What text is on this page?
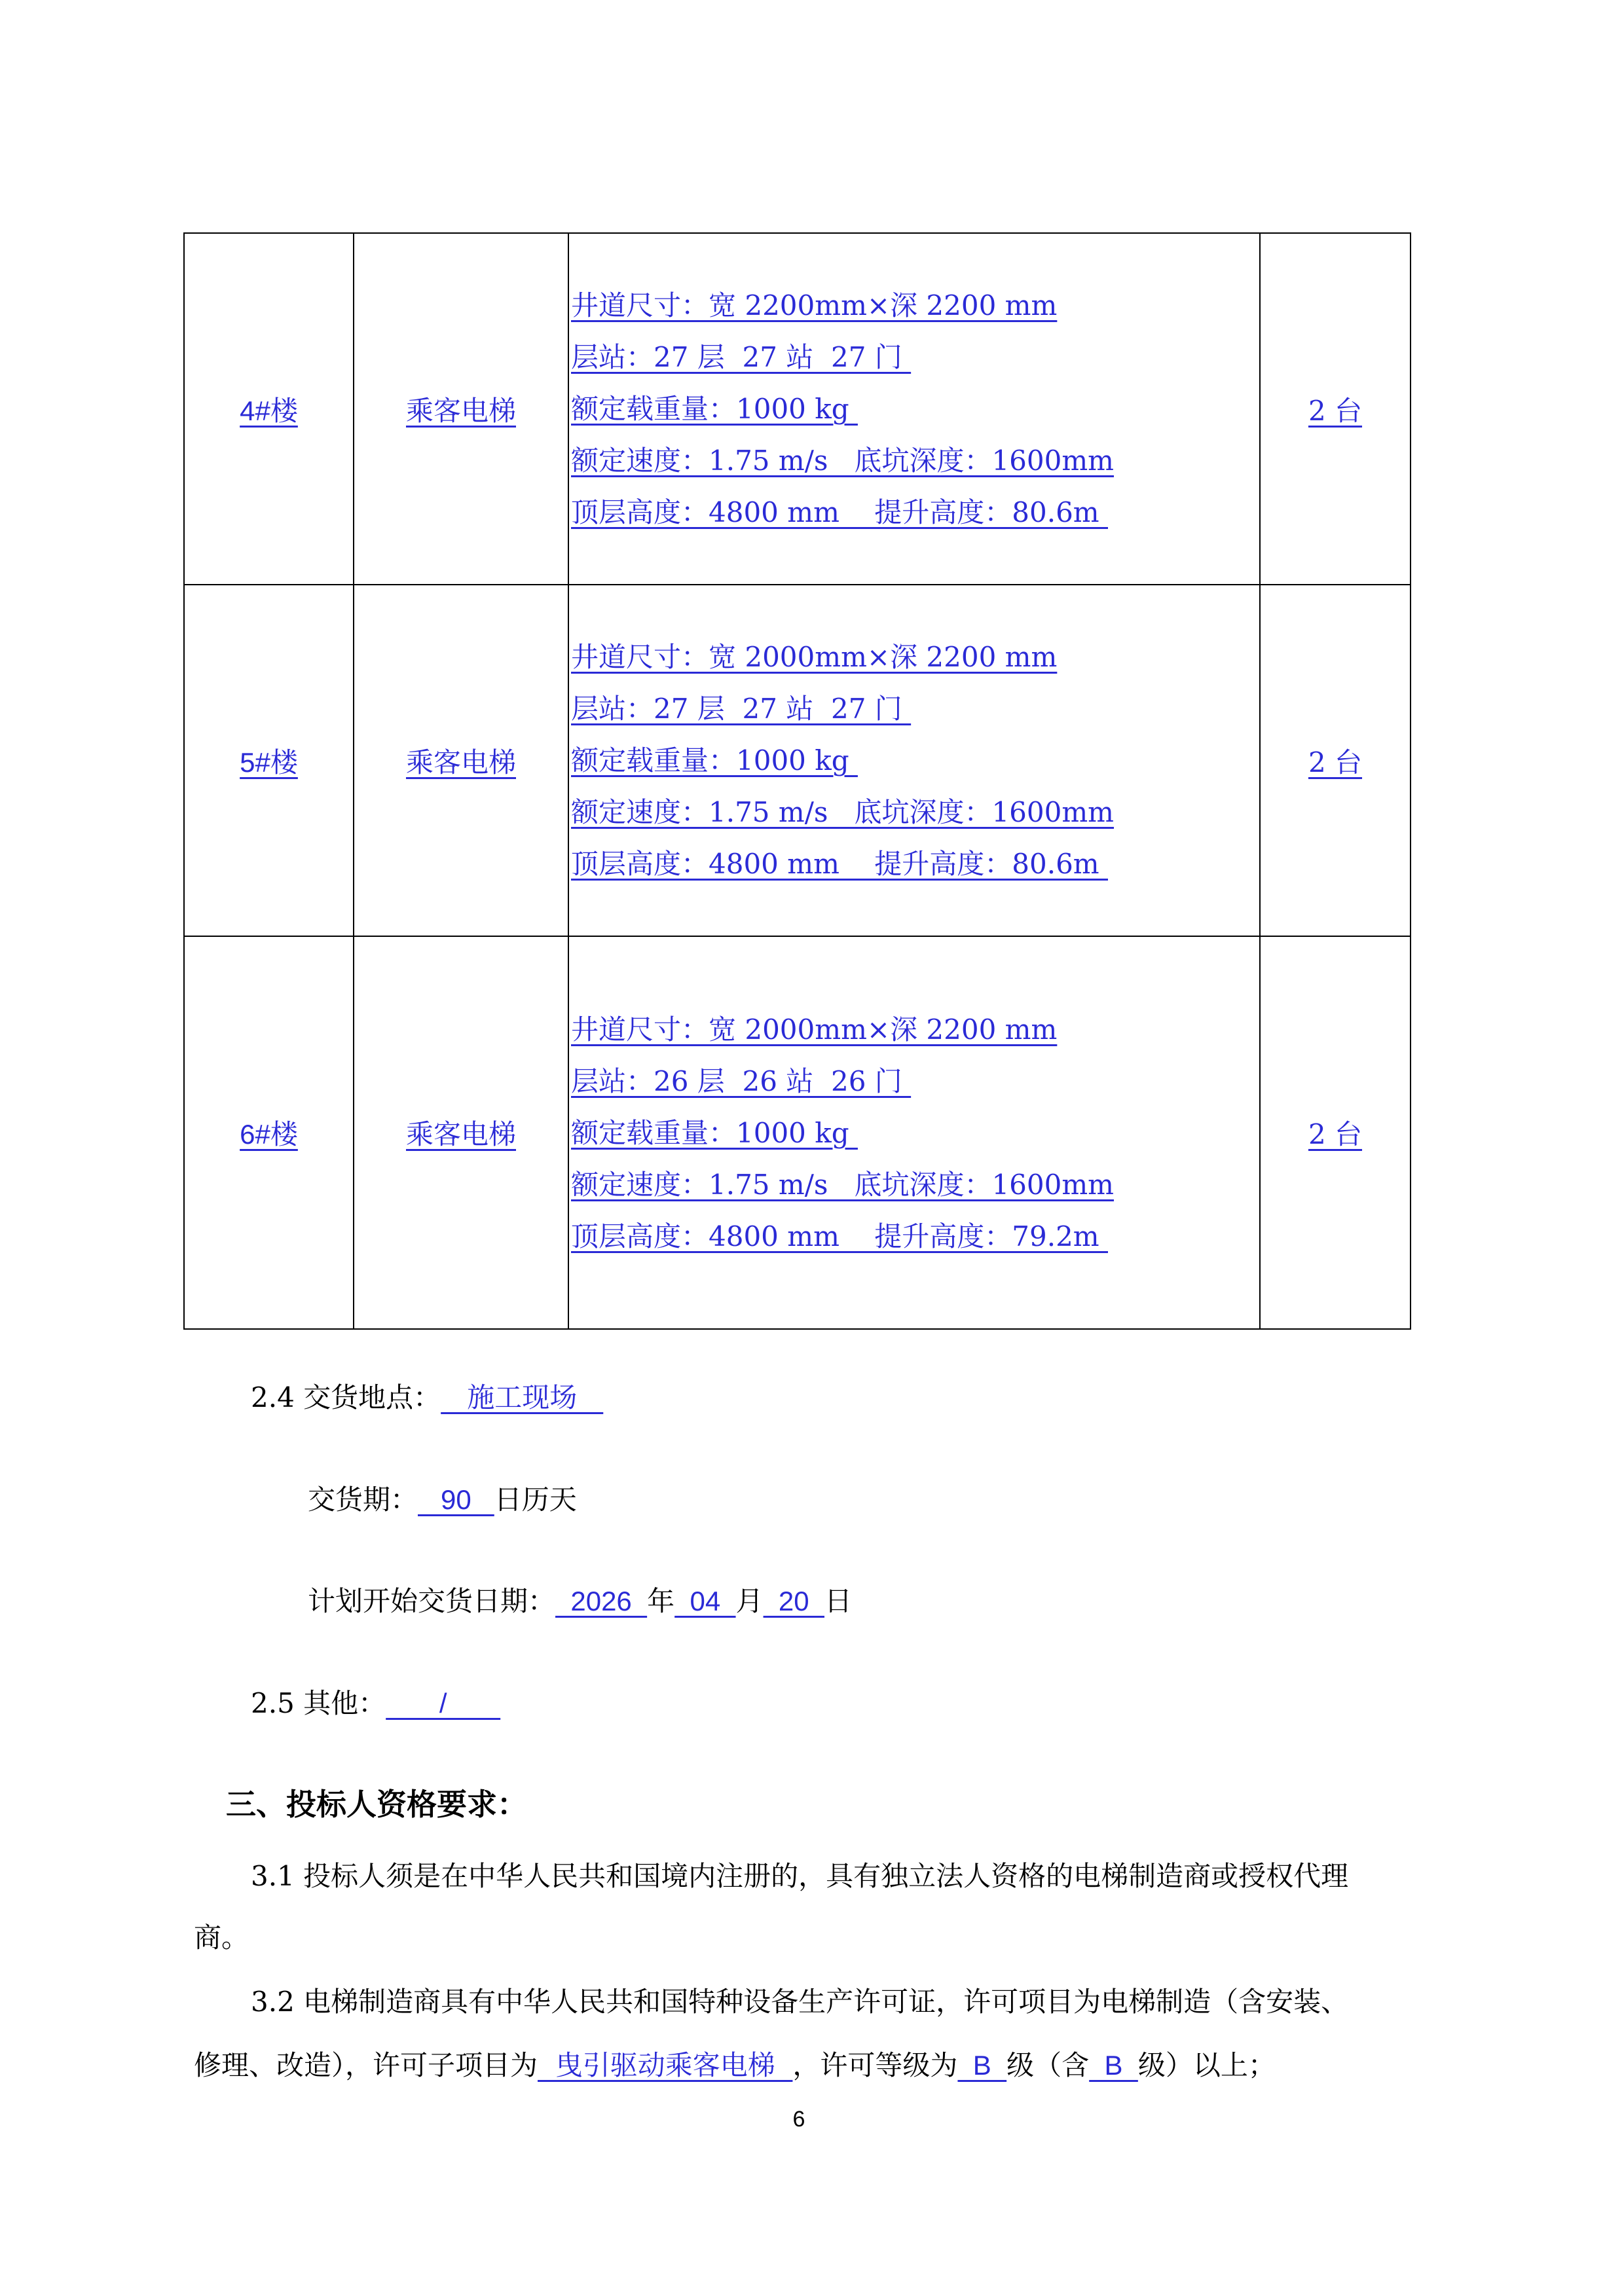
4#楼	乘客电梯	井道尺寸：宽 2200mm×深 2200 mm
层站：27 层  27 站  27 门
额定载重量：1000 kg
额定速度：1.75 m/s   底坑深度：1600mm
顶层高度：4800 mm    提升高度：80.6m	2 台
5#楼	乘客电梯	井道尺寸：宽 2000mm×深 2200 mm
层站：27 层  27 站  27 门
额定载重量：1000 kg
额定速度：1.75 m/s   底坑深度：1600mm
顶层高度：4800 mm    提升高度：80.6m	2 台
6#楼	乘客电梯	井道尺寸：宽 2000mm×深 2200 mm
层站：26 层  26 站  26 门
额定载重量：1000 kg
额定速度：1.75 m/s   底坑深度：1600mm
顶层高度：4800 mm    提升高度：79.2m	2 台
2.4 交货地点：   施工现场
交货期：   90   日历天
计划开始交货日期：  2026  年  04  月  20  日
2.5 其他：       /
三、投标人资格要求：
3.1 投标人须是在中华人民共和国境内注册的，具有独立法人资格的电梯制造商或授权代理
商。
3.2 电梯制造商具有中华人民共和国特种设备生产许可证，许可项目为电梯制造（含安装、
修理、改造），许可子项目为  曳引驱动乘客电梯  ，许可等级为  B  级（含  B  级）以上；
6
